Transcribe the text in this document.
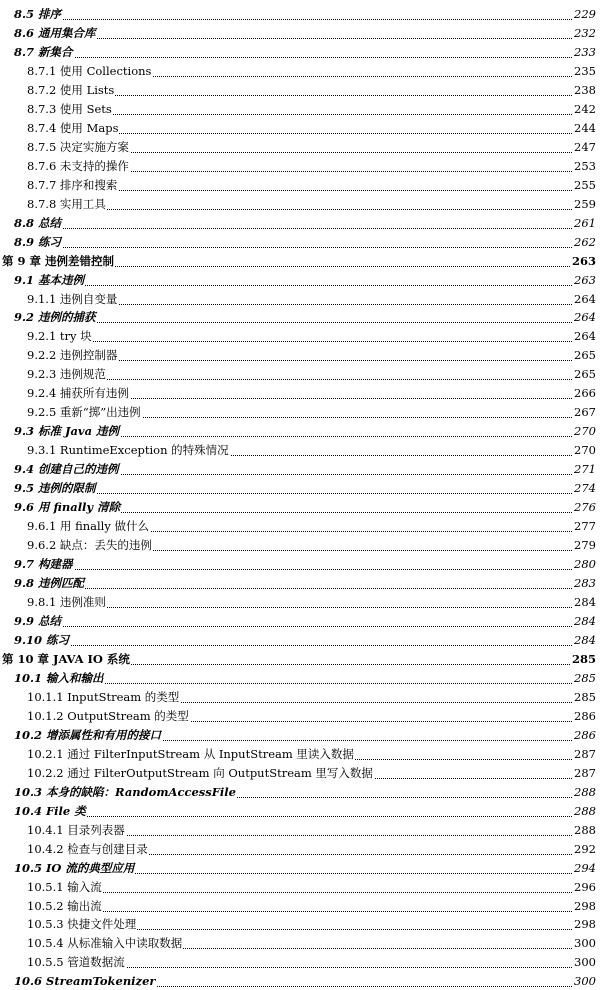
8.5 排序	229
8.6 通用集合库	232
8.7 新集合	233
8.7.1 使用 Collections	235
8.7.2 使用 Lists	238
8.7.3 使用 Sets	242
8.7.4 使用 Maps	244
8.7.5 决定实施方案	247
8.7.6 未支持的操作	253
8.7.7 排序和搜索	255
8.7.8 实用工具	259
8.8 总结	261
8.9 练习	262
第 9 章 违例差错控制	263
9.1 基本违例	263
9.1.1 违例自变量	264
9.2 违例的捕获	264
9.2.1 try 块	264
9.2.2 违例控制器	265
9.2.3 违例规范	265
9.2.4 捕获所有违例	266
9.2.5 重新“掷”出违例	267
9.3 标准 Java 违例	270
9.3.1 RuntimeException 的特殊情况	270
9.4 创建自己的违例	271
9.5 违例的限制	274
9.6 用 finally 清除	276
9.6.1 用 finally 做什么	277
9.6.2 缺点：丢失的违例	279
9.7 构建器	280
9.8 违例匹配	283
9.8.1 违例准则	284
9.9 总结	284
9.10 练习	284
第 10 章 JAVA IO 系统	285
10.1 输入和输出	285
10.1.1 InputStream 的类型	285
10.1.2 OutputStream 的类型	286
10.2 增添属性和有用的接口	286
10.2.1 通过 FilterInputStream 从 InputStream 里读入数据	287
10.2.2 通过 FilterOutputStream 向 OutputStream 里写入数据	287
10.3 本身的缺陷：RandomAccessFile	288
10.4 File 类	288
10.4.1 目录列表器	288
10.4.2 检查与创建目录	292
10.5 IO 流的典型应用	294
10.5.1 输入流	296
10.5.2 输出流	298
10.5.3 快捷文件处理	298
10.5.4 从标准输入中读取数据	300
10.5.5 管道数据流	300
10.6 StreamTokenizer	300
